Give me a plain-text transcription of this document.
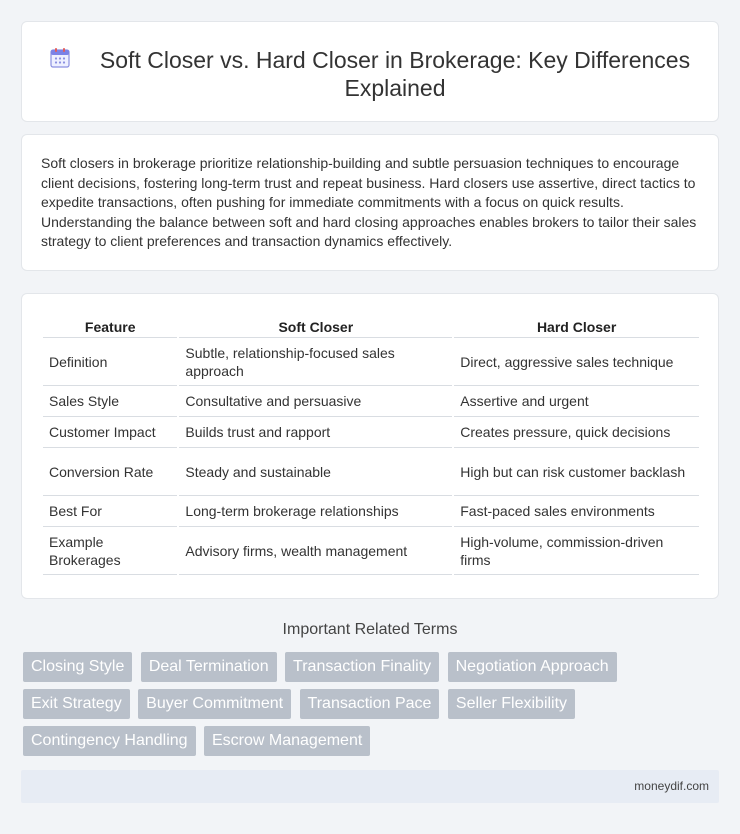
Soft Closer vs. Hard Closer in Brokerage: Key Differences Explained

Soft closers in brokerage prioritize relationship-building and subtle persuasion techniques to encourage client decisions, fostering long-term trust and repeat business. Hard closers use assertive, direct tactics to expedite transactions, often pushing for immediate commitments with a focus on quick results. Understanding the balance between soft and hard closing approaches enables brokers to tailor their sales strategy to client preferences and transaction dynamics effectively.

Feature	Soft Closer	Hard Closer
Definition	Subtle, relationship-focused sales approach	Direct, aggressive sales technique
Sales Style	Consultative and persuasive	Assertive and urgent
Customer Impact	Builds trust and rapport	Creates pressure, quick decisions
Conversion Rate	Steady and sustainable	High but can risk customer backlash
Best For	Long-term brokerage relationships	Fast-paced sales environments
Example Brokerages	Advisory firms, wealth management	High-volume, commission-driven firms
Important Related Terms
Closing Style Deal Termination Transaction Finality Negotiation Approach Exit Strategy Buyer Commitment Transaction Pace Seller Flexibility Contingency Handling Escrow Management
moneydif.com
